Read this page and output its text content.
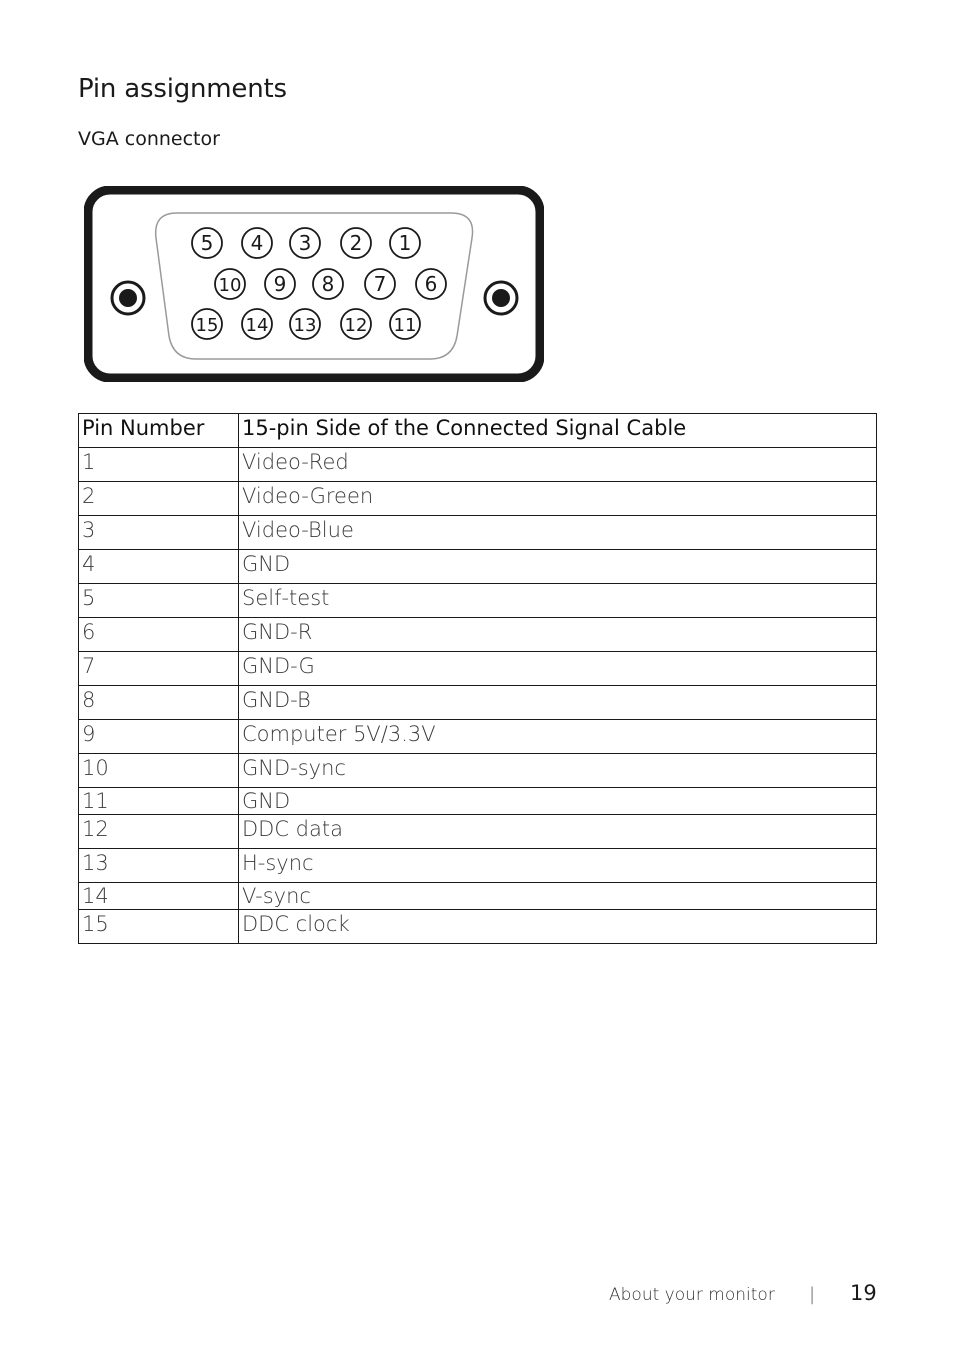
Pin assignments
VGA connector
5 4 3 2 1
10 9 8 7 6
15 14 13 12 11
Pin Number	15-pin Side of the Connected Signal Cable
1	Video-Red
2	Video-Green
3	Video-Blue
4	GND
5	Self-test
6	GND-R
7	GND-G
8	GND-B
9	Computer 5V/3.3V
10	GND-sync
11	GND
12	DDC data
13	H-sync
14	V-sync
15	DDC clock
About your monitor | 19
